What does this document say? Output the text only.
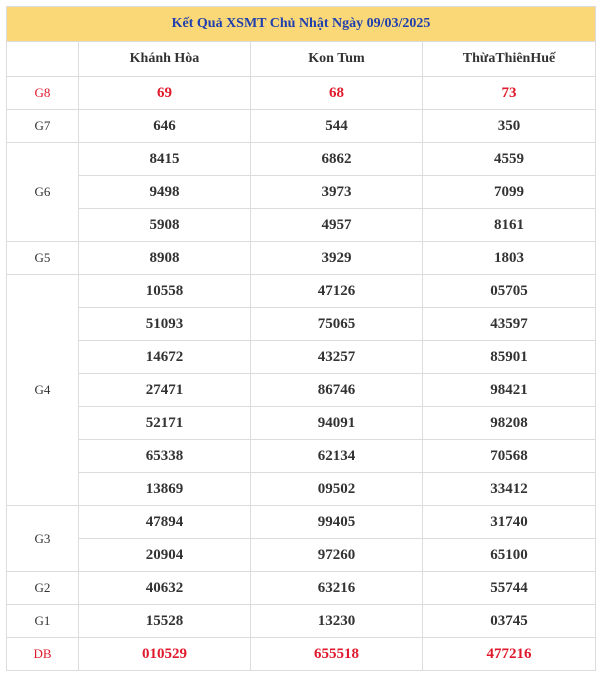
Kết Quả XSMT Chủ Nhật Ngày 09/03/2025			
	Khánh Hòa	Kon Tum	ThừaThiênHuế
G8	69	68	73
G7	646	544	350
G6	8415	6862	4559
	9498	3973	7099
	5908	4957	8161
G5	8908	3929	1803
G4	10558	47126	05705
	51093	75065	43597
	14672	43257	85901
	27471	86746	98421
	52171	94091	98208
	65338	62134	70568
	13869	09502	33412
G3	47894	99405	31740
	20904	97260	65100
G2	40632	63216	55744
G1	15528	13230	03745
DB	010529	655518	477216
